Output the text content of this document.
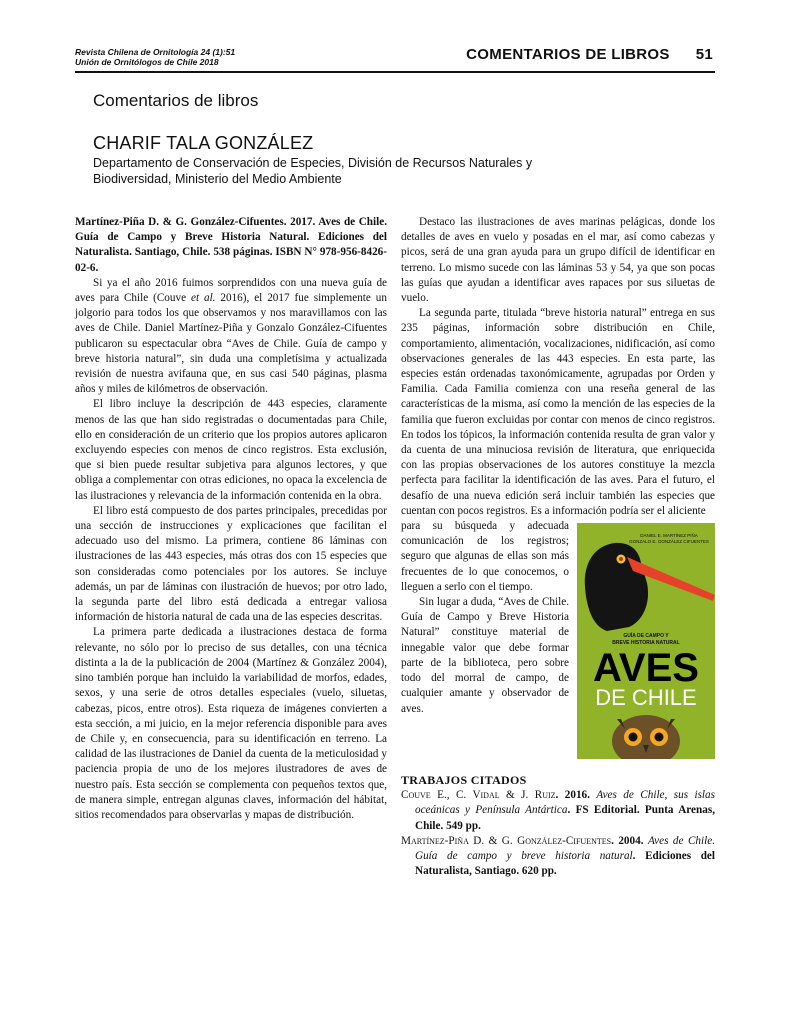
Revista Chilena de Ornitología 24 (1):51
Unión de Ornitólogos de Chile 2018	COMENTARIOS DE LIBROS 51
Comentarios de libros
CHARIF TALA GONZÁLEZ
Departamento de Conservación de Especies, División de Recursos Naturales y
Biodiversidad, Ministerio del Medio Ambiente

Martínez-Piña D. & G. González-Cifuentes. 2017. Aves de Chile. Guía de Campo y Breve Historia Natural. Ediciones del Naturalista. Santiago, Chile. 538 páginas. ISBN N° 978-956-8426-02-6.

Si ya el año 2016 fuimos sorprendidos con una nueva guía de aves para Chile (Couve et al. 2016), el 2017 fue simplemente un jolgorio para todos los que observamos y nos maravillamos con las aves de Chile. Daniel Martínez-Piña y Gonzalo González-Cifuentes publicaron su espectacular obra “Aves de Chile. Guía de campo y breve historia natural”, sin duda una completísima y actualizada revisión de nuestra avifauna que, en sus casi 540 páginas, plasma años y miles de kilómetros de observación.

El libro incluye la descripción de 443 especies, claramente menos de las que han sido registradas o documentadas para Chile, ello en consideración de un criterio que los propios autores aplicaron excluyendo especies con menos de cinco registros. Esta exclusión, que si bien puede resultar subjetiva para algunos lectores, y que obliga a complementar con otras ediciones, no opaca la excelencia de las ilustraciones y relevancia de la información contenida en la obra.

El libro está compuesto de dos partes principales, precedidas por una sección de instrucciones y explicaciones que facilitan el adecuado uso del mismo. La primera, contiene 86 láminas con ilustraciones de las 443 especies, más otras dos con 15 especies que son consideradas como potenciales por los autores. Se incluye además, un par de láminas con ilustración de huevos; por otro lado, la segunda parte del libro está dedicada a entregar valiosa información de historia natural de cada una de las especies descritas.

La primera parte dedicada a ilustraciones destaca de forma relevante, no sólo por lo preciso de sus detalles, con una técnica distinta a la de la publicación de 2004 (Martínez & González 2004), sino también porque han incluido la variabilidad de morfos, edades, sexos, y una serie de otros detalles especiales (vuelo, siluetas, cabezas, picos, entre otros). Esta riqueza de imágenes convierten a esta sección, a mi juicio, en la mejor referencia disponible para aves de Chile y, en consecuencia, para su identificación en terreno. La calidad de las ilustraciones de Daniel da cuenta de la meticulosidad y paciencia propia de uno de los mejores ilustradores de aves de nuestro país. Esta sección se complementa con pequeños textos que, de manera simple, entregan algunas claves, información del hábitat, sitios recomendados para observarlas y mapas de distribución.

Destaco las ilustraciones de aves marinas pelágicas, donde los detalles de aves en vuelo y posadas en el mar, así como cabezas y picos, será de una gran ayuda para un grupo difícil de identificar en terreno. Lo mismo sucede con las láminas 53 y 54, ya que son pocas las guías que ayudan a identificar aves rapaces por sus siluetas de vuelo.

La segunda parte, titulada “breve historia natural” entrega en sus 235 páginas, información sobre distribución en Chile, comportamiento, alimentación, vocalizaciones, nidificación, así como observaciones generales de las 443 especies. En esta parte, las especies están ordenadas taxonómicamente, agrupadas por Orden y Familia. Cada Familia comienza con una reseña general de las características de la misma, así como la mención de las especies de la familia que fueron excluidas por contar con menos de cinco registros. En todos los tópicos, la información contenida resulta de gran valor y da cuenta de una minuciosa revisión de literatura, que enriquecida con las propias observaciones de los autores constituye la mezcla perfecta para facilitar la identificación de las aves. Para el futuro, el desafío de una nueva edición será incluir también las especies que cuentan con pocos registros. Es a información podría ser el aliciente

para su búsqueda y adecuada comunicación de los registros; seguro que algunas de ellas son más frecuentes de lo que conocemos, o lleguen a serlo con el tiempo.

Sin lugar a duda, “Aves de Chile. Guía de Campo y Breve Historia Natural” constituye material de innegable valor que debe formar parte de la biblioteca, pero sobre todo del morral de campo, de cualquier amante y observador de aves.

DANIEL E. MARTÍNEZ PIÑA
GONZALO E. GONZÁLEZ CIFUENTES
GUÍA DE CAMPO Y
BREVE HISTORIA NATURAL
AVES
DE CHILE
TRABAJOS CITADOS

Couve E., C. Vidal & J. Ruiz. 2016. Aves de Chile, sus islas oceánicas y Península Antártica. FS Editorial. Punta Arenas, Chile. 549 pp.

Martínez-Piña D. & G. González-Cifuentes. 2004. Aves de Chile. Guía de campo y breve historia natural. Ediciones del Naturalista, Santiago. 620 pp.
